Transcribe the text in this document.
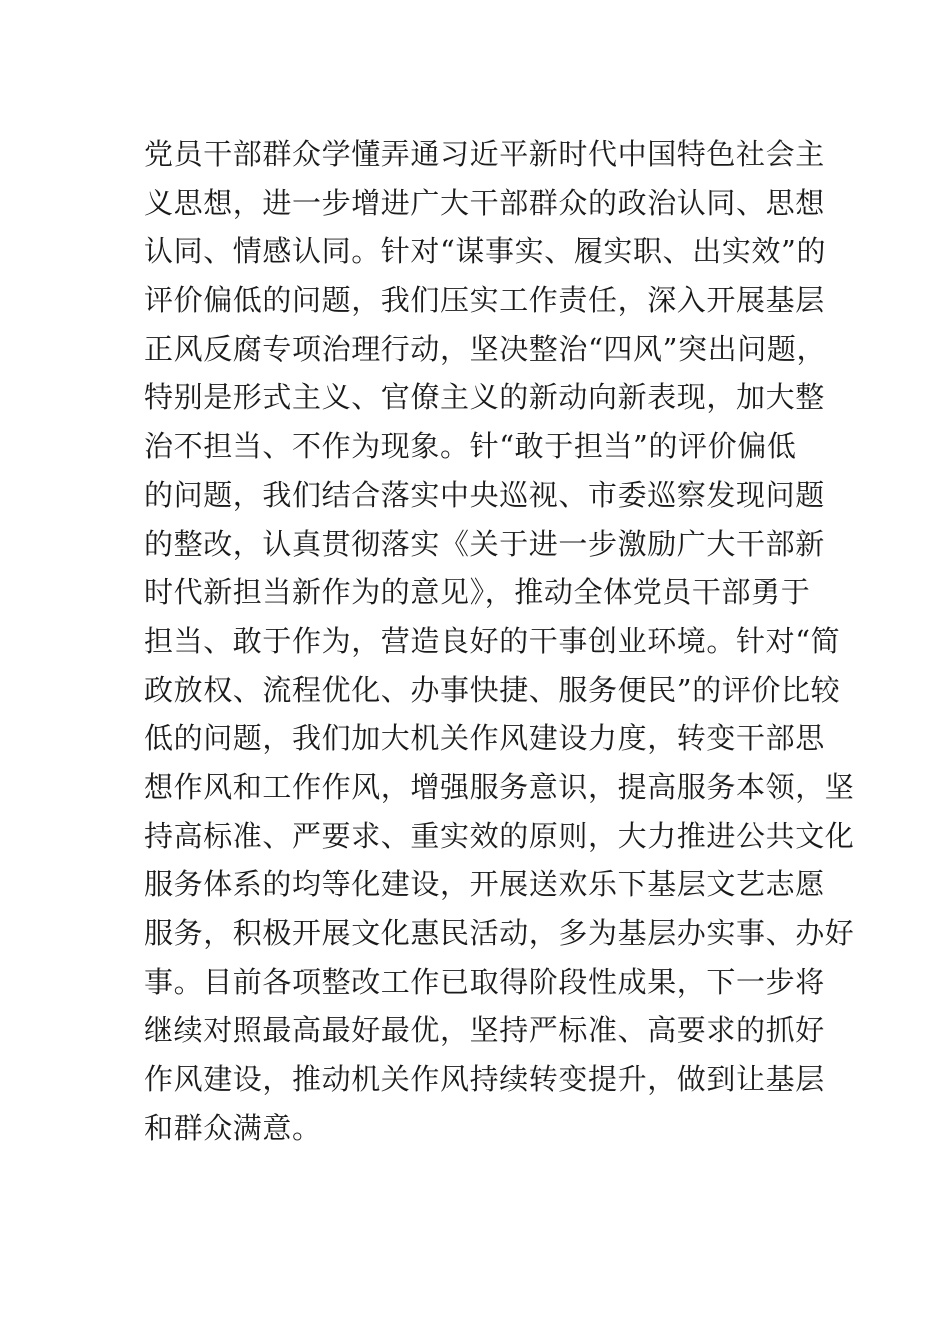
党员干部群众学懂弄通习近平新时代中国特色社会主
义思想，进一步增进广大干部群众的政治认同、思想
认同、情感认同。针对“谋事实、履实职、出实效”的
评价偏低的问题，我们压实工作责任，深入开展基层
正风反腐专项治理行动，坚决整治“四风”突出问题，
特别是形式主义、官僚主义的新动向新表现，加大整
治不担当、不作为现象。针“敢于担当”的评价偏低
的问题，我们结合落实中央巡视、市委巡察发现问题
的整改，认真贯彻落实《关于进一步激励广大干部新
时代新担当新作为的意见》，推动全体党员干部勇于
担当、敢于作为，营造良好的干事创业环境。针对“简
政放权、流程优化、办事快捷、服务便民”的评价比较
低的问题，我们加大机关作风建设力度，转变干部思
想作风和工作作风，增强服务意识，提高服务本领，坚
持高标准、严要求、重实效的原则，大力推进公共文化
服务体系的均等化建设，开展送欢乐下基层文艺志愿
服务，积极开展文化惠民活动，多为基层办实事、办好
事。目前各项整改工作已取得阶段性成果，下一步将
继续对照最高最好最优，坚持严标准、高要求的抓好
作风建设，推动机关作风持续转变提升，做到让基层
和群众满意。
